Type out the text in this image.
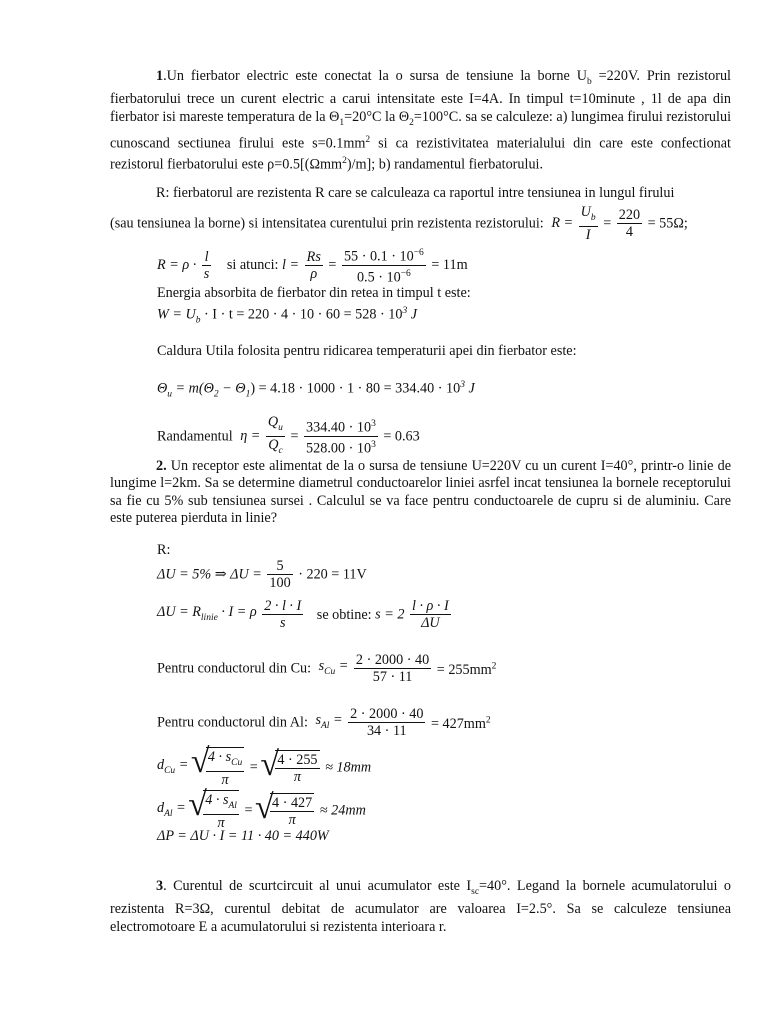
1.Un fierbator electric este conectat la o sursa de tensiune la borne $U_b =220V$. Prin rezistorul fierbatorului trece un curent electric a carui intensitate este I=4A. In timpul t=10minute , 1l de apa din fierbator isi mareste temperatura de la $\Theta_1=20^\circ C$ la $\Theta_2=100^\circ C$. sa se calculeze: a) lungimea firului rezistorului cunoscand sectiunea firului este $s=0.1mm^2$ si ca rezistivitatea materialului din care este confectionat rezistorul fierbatorului este ρ=0.5[(Ωmm$^2$)/m]; b) randamentul fierbatorului.

R: fierbatorul are rezistenta R care se calculeaza ca raportul intre tensiunea in lungul firului
(sau tensiunea la borne) si intensitatea curentului prin rezistenta rezistorului: $R = \frac{U_b}{I} = \frac{220}{4} = 55\Omega$;
$R = \rho \cdot \frac{l}{s}$ si atunci: $l = \frac{Rs}{\rho} = \frac{55 \cdot 0.1 \cdot 10^{-6}}{0.5 \cdot 10^{-6}} = 11m$
Energia absorbita de fierbator din retea in timpul t este:
$W = U_b \cdot I \cdot t = 220 \cdot 4 \cdot 10 \cdot 60 = 528 \cdot 10^3$ J
Caldura Utila folosita pentru ridicarea temperaturii apei din fierbator este:
$\Theta_u = m(\Theta_2 - \Theta_1) = 4.18 \cdot 1000 \cdot 1 \cdot 80 = 334.40 \cdot 10^3$ J
Randamentul $\eta = \frac{Q_u}{Q_c} = \frac{334.40 \cdot 10^3}{528.00 \cdot 10^3} = 0.63$

2. Un receptor este alimentat de la o sursa de tensiune U=220V cu un curent I=40°, printr-o linie de lungime l=2km. Sa se determine diametrul conductoarelor liniei asrfel incat tensiunea la bornele receptorului sa fie cu 5% sub tensiunea sursei . Calculul se va face pentru conductoarele de cupru si de aluminiu. Care este puterea pierduta in linie?

R:
ΔU = 5% ⇒ $\Delta U = \frac{5}{100} \cdot 220 = 11V$
$\Delta U = R_{linie} \cdot I = \rho \frac{2 \cdot l \cdot I}{s}$ se obtine: $s = 2 \frac{l \cdot \rho \cdot I}{\Delta U}$
Pentru conductorul din Cu: $s_{Cu} = \frac{2 \cdot 2000 \cdot 40}{57 \cdot 11} = 255mm^2$
Pentru conductorul din Al: $s_{Al} = \frac{2 \cdot 2000 \cdot 40}{34 \cdot 11} = 427mm^2$
$d_{Cu}$ = √ $\frac{4 \cdot s_{Cu}}{\pi}$ = √ $\frac{4 \cdot 255}{\pi} \approx 18mm$
$d_{Al}$ = √ $\frac{4 \cdot s_{Al}}{\pi}$ = √ $\frac{4 \cdot 427}{\pi} \approx 24mm$
ΔP = ΔU · I = 11 · 40 = 440W

3. Curentul de scurtcircuit al unui acumulator este $I_{sc}=40^\circ$. Legand la bornele acumulatorului o rezistenta R=3Ω, curentul debitat de acumulator are valoarea I=2.5°. Sa se calculeze tensiunea electromotoare E a acumulatorului si rezistenta interioara r.
